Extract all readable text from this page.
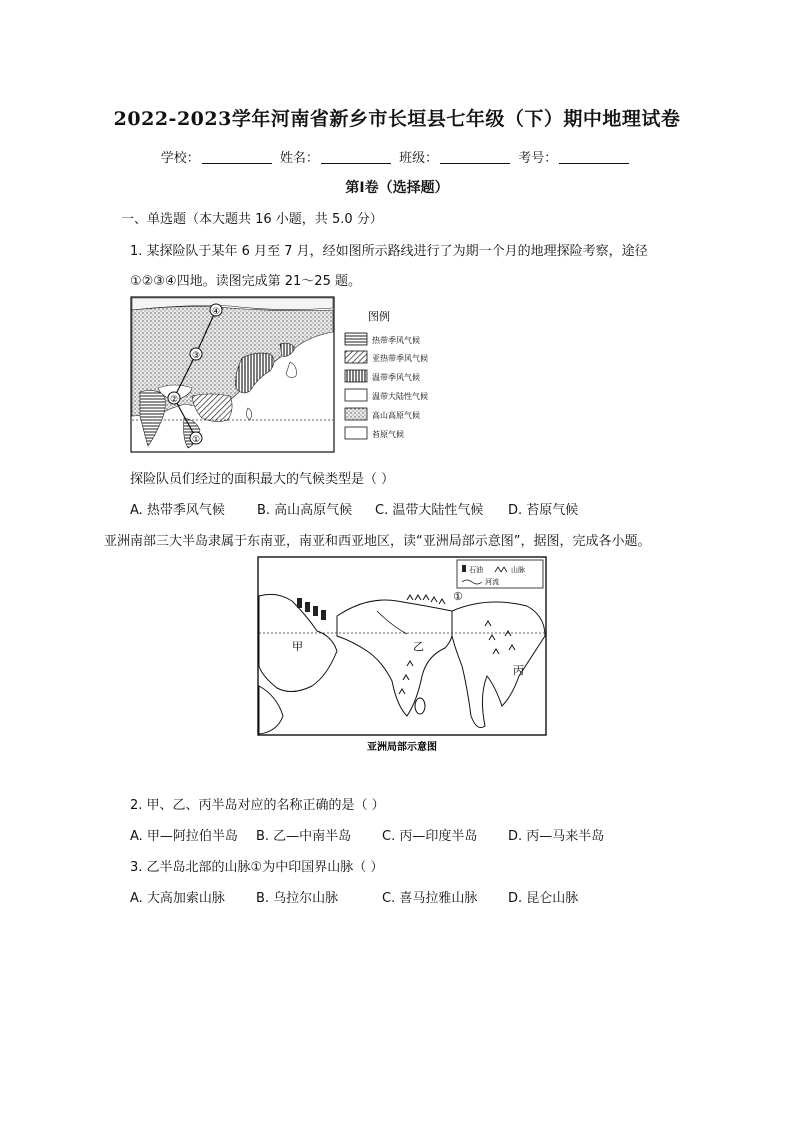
2022-2023学年河南省新乡市长垣县七年级（下）期中地理试卷
学校：	姓名：	班级：	考号：
第Ⅰ卷（选择题）
一、单选题（本大题共 16 小题，共 5.0 分）
1. 某探险队于某年 6 月至 7 月，经如图所示路线进行了为期一个月的地理探险考察，途径
①②③④四地。读图完成第 21～25 题。
①
②
③
④	图例
热带季风气候
亚热带季风气候
温带季风气候
温带大陆性气候
高山高原气候
苔原气候
探险队员们经过的面积最大的气候类型是（ ）
A. 热带季风气候 B. 高山高原气候 C. 温带大陆性气候 D. 苔原气候
亚洲南部三大半岛隶属于东南亚，南亚和西亚地区，读“亚洲局部示意图”，据图，完成各小题。
甲	乙
丙
①
石油	山脉
河流
亚洲局部示意图
2. 甲、乙、丙半岛对应的名称正确的是（ ）
A. 甲—阿拉伯半岛 B. 乙—中南半岛 C. 丙—印度半岛 D. 丙—马来半岛
3. 乙半岛北部的山脉①为中印国界山脉（ ）
A. 大高加索山脉 B. 乌拉尔山脉	C. 喜马拉雅山脉 D. 昆仑山脉
